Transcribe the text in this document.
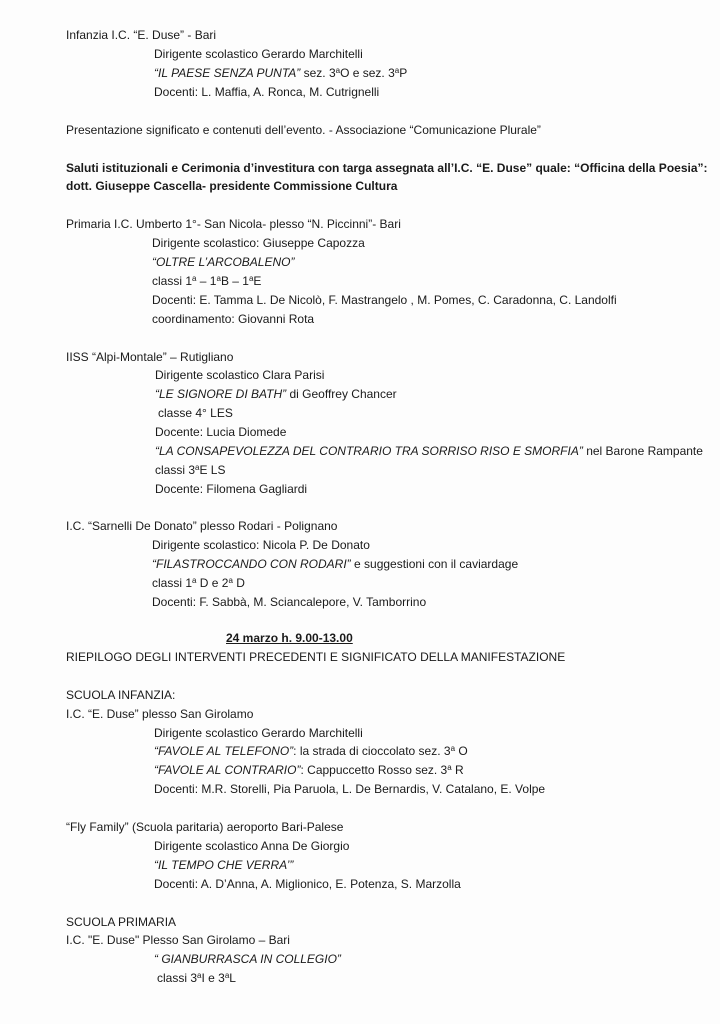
Infanzia I.C. “E. Duse” - Bari
Dirigente scolastico Gerardo Marchitelli
“IL PAESE SENZA PUNTA” sez. 3$^a$O e sez. 3$^a$P
Docenti: L. Maffia, A. Ronca, M. Cutrignelli
Presentazione significato e contenuti dell’evento. - Associazione “Comunicazione Plurale”
Saluti istituzionali e Cerimonia d’investitura con targa assegnata all’I.C. “E. Duse” quale: “Officina della Poesia”:
dott. Giuseppe Cascella- presidente Commissione Cultura
Primaria I.C. Umberto 1°- San Nicola- plesso “N. Piccinni”- Bari
Dirigente scolastico: Giuseppe Capozza
“OLTRE L’ARCOBALENO”
classi 1$^a$ – 1$^a$B – 1$^a$E
Docenti: E. Tamma L. De Nicolò, F. Mastrangelo , M. Pomes, C. Caradonna, C. Landolfi
coordinamento: Giovanni Rota
IISS “Alpi-Montale” – Rutigliano
Dirigente scolastico Clara Parisi
“LE SIGNORE DI BATH” di Geoffrey Chancer
classe 4° LES
Docente: Lucia Diomede
“LA CONSAPEVOLEZZA DEL CONTRARIO TRA SORRISO RISO E SMORFIA” nel Barone Rampante
classi 3$^a$E LS
Docente: Filomena Gagliardi
I.C. “Sarnelli De Donato” plesso Rodari - Polignano
Dirigente scolastico: Nicola P. De Donato
“FILASTROCCANDO CON RODARI” e suggestioni con il caviardage
classi 1$^a$ D e 2$^a$ D
Docenti: F. Sabbà, M. Sciancalepore, V. Tamborrino
24 marzo h. 9.00-13.00
RIEPILOGO DEGLI INTERVENTI PRECEDENTI E SIGNIFICATO DELLA MANIFESTAZIONE
SCUOLA INFANZIA:
I.C. “E. Duse” plesso San Girolamo
Dirigente scolastico Gerardo Marchitelli
“FAVOLE AL TELEFONO”: la strada di cioccolato sez. 3$^a$ O
“FAVOLE AL CONTRARIO”: Cappuccetto Rosso sez. 3$^a$ R
Docenti: M.R. Storelli, Pia Paruola, L. De Bernardis, V. Catalano, E. Volpe
“Fly Family” (Scuola paritaria) aeroporto Bari-Palese
Dirigente scolastico Anna De Giorgio
“IL TEMPO CHE VERRA’”
Docenti: A. D’Anna, A. Miglionico, E. Potenza, S. Marzolla
SCUOLA PRIMARIA
I.C. "E. Duse" Plesso San Girolamo – Bari
“ GIANBURRASCA IN COLLEGIO”
classi 3$^a$I e 3$^a$L
